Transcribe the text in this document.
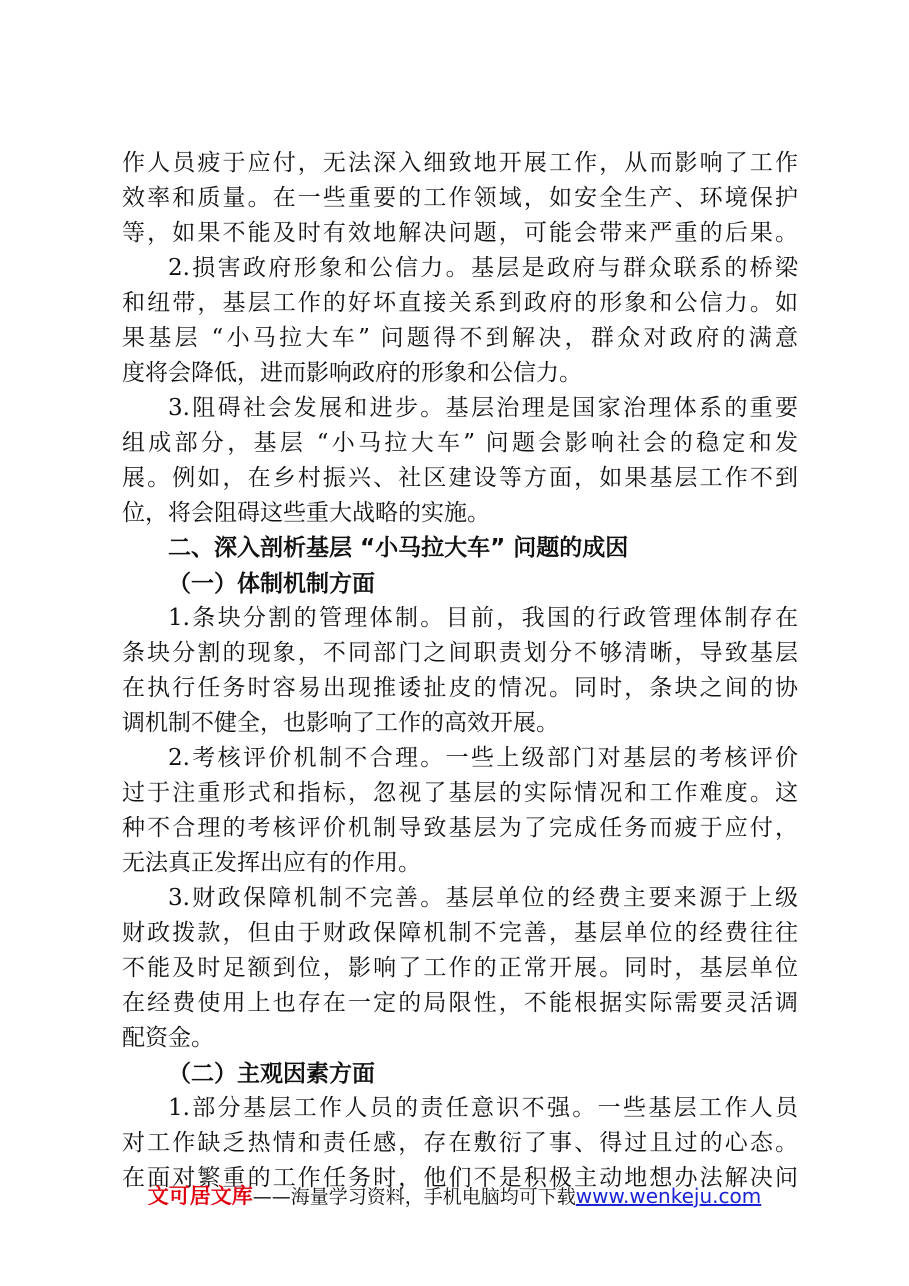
作人员疲于应付，无法深入细致地开展工作，从而影响了工作
效率和质量。在一些重要的工作领域，如安全生产、环境保护
等，如果不能及时有效地解决问题，可能会带来严重的后果。
2.损害政府形象和公信力。基层是政府与群众联系的桥梁
和纽带，基层工作的好坏直接关系到政府的形象和公信力。如
果基层 “小马拉大车” 问题得不到解决，群众对政府的满意
度将会降低，进而影响政府的形象和公信力。
3.阻碍社会发展和进步。基层治理是国家治理体系的重要
组成部分，基层 “小马拉大车” 问题会影响社会的稳定和发
展。例如，在乡村振兴、社区建设等方面，如果基层工作不到
位，将会阻碍这些重大战略的实施。
二、深入剖析基层 “小马拉大车” 问题的成因
（一）体制机制方面
1.条块分割的管理体制。目前，我国的行政管理体制存在
条块分割的现象，不同部门之间职责划分不够清晰，导致基层
在执行任务时容易出现推诿扯皮的情况。同时，条块之间的协
调机制不健全，也影响了工作的高效开展。
2.考核评价机制不合理。一些上级部门对基层的考核评价
过于注重形式和指标，忽视了基层的实际情况和工作难度。这
种不合理的考核评价机制导致基层为了完成任务而疲于应付，
无法真正发挥出应有的作用。
3.财政保障机制不完善。基层单位的经费主要来源于上级
财政拨款，但由于财政保障机制不完善，基层单位的经费往往
不能及时足额到位，影响了工作的正常开展。同时，基层单位
在经费使用上也存在一定的局限性，不能根据实际需要灵活调
配资金。
（二）主观因素方面
1.部分基层工作人员的责任意识不强。一些基层工作人员
对工作缺乏热情和责任感，存在敷衍了事、得过且过的心态。
在面对繁重的工作任务时，他们不是积极主动地想办法解决问
文可居文库——海量学习资料，手机电脑均可下载www.wenkeju.com
